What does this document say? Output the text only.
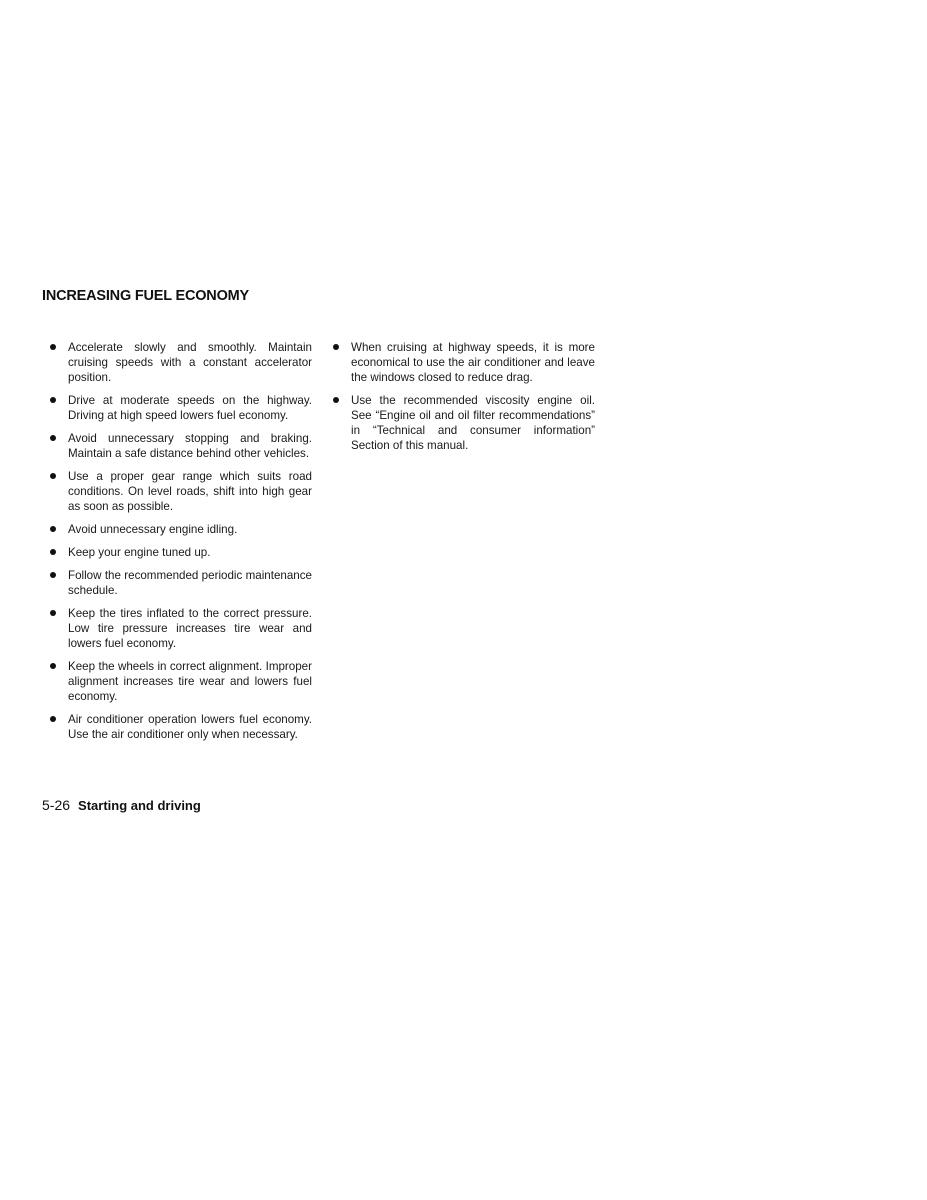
INCREASING FUEL ECONOMY
Accelerate slowly and smoothly. Maintain cruising speeds with a constant accelerator position.
Drive at moderate speeds on the highway. Driving at high speed lowers fuel economy.
Avoid unnecessary stopping and braking. Maintain a safe distance behind other vehicles.
Use a proper gear range which suits road conditions. On level roads, shift into high gear as soon as possible.
Avoid unnecessary engine idling.
Keep your engine tuned up.
Follow the recommended periodic maintenance schedule.
Keep the tires inflated to the correct pressure. Low tire pressure increases tire wear and lowers fuel economy.
Keep the wheels in correct alignment. Improper alignment increases tire wear and lowers fuel economy.
Air conditioner operation lowers fuel economy. Use the air conditioner only when necessary.
When cruising at highway speeds, it is more economical to use the air conditioner and leave the windows closed to reduce drag.
Use the recommended viscosity engine oil. See “Engine oil and oil filter recommendations” in “Technical and consumer information” Section of this manual.
5-26 Starting and driving
